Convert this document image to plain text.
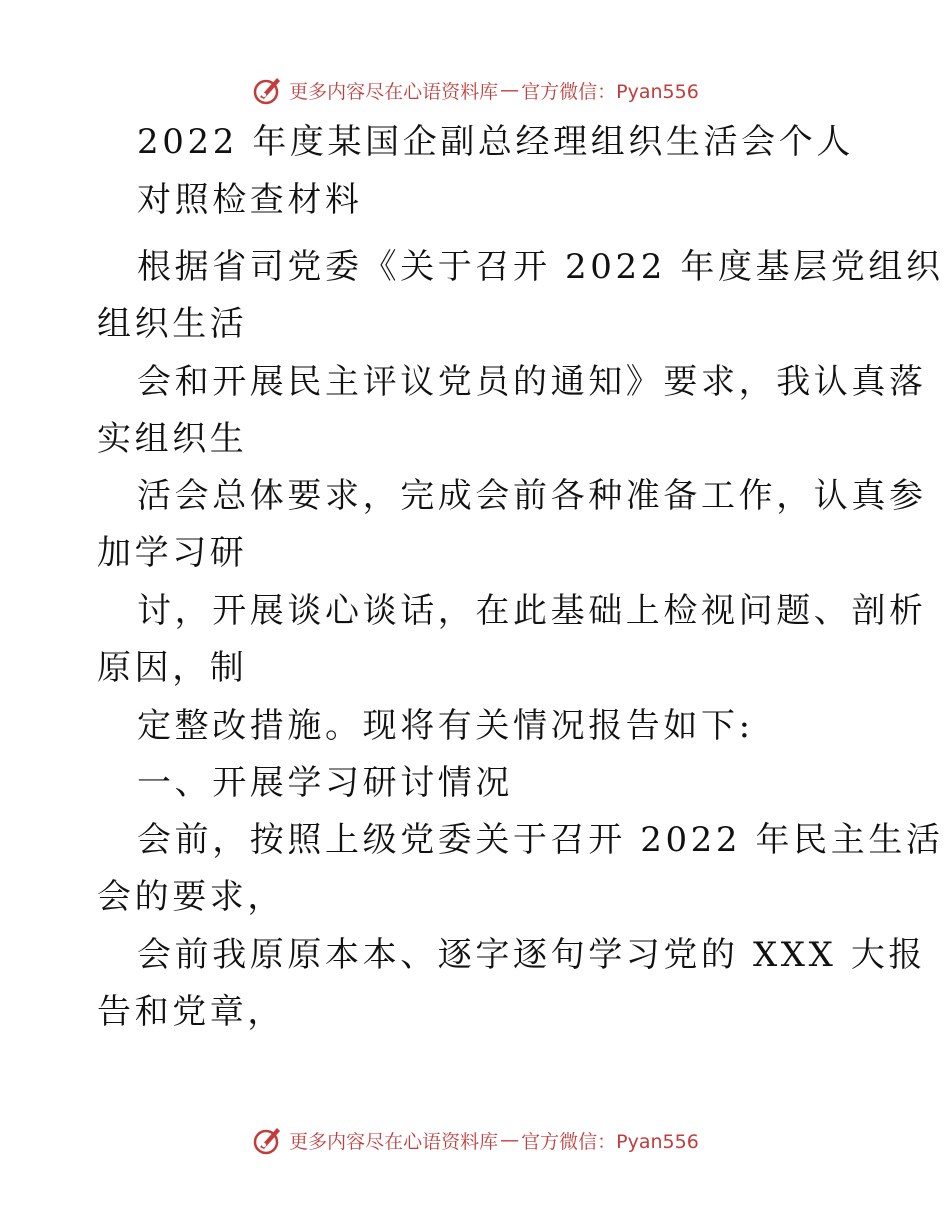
更多内容尽在心语资料库 — 官方微信：Pyan556
2022 年度某国企副总经理组织生活会个人
对照检查材料
根据省司党委《关于召开 2022 年度基层党组织
组织生活
会和开展民主评议党员的通知》要求，我认真落
实组织生
活会总体要求，完成会前各种准备工作，认真参
加学习研
讨，开展谈心谈话，在此基础上检视问题、剖析
原因，制
定整改措施。现将有关情况报告如下:
一、开展学习研讨情况
会前，按照上级党委关于召开 2022 年民主生活
会的要求，
会前我原原本本、逐字逐句学习党的 XXX 大报
告和党章，
更多内容尽在心语资料库 — 官方微信：Pyan556
